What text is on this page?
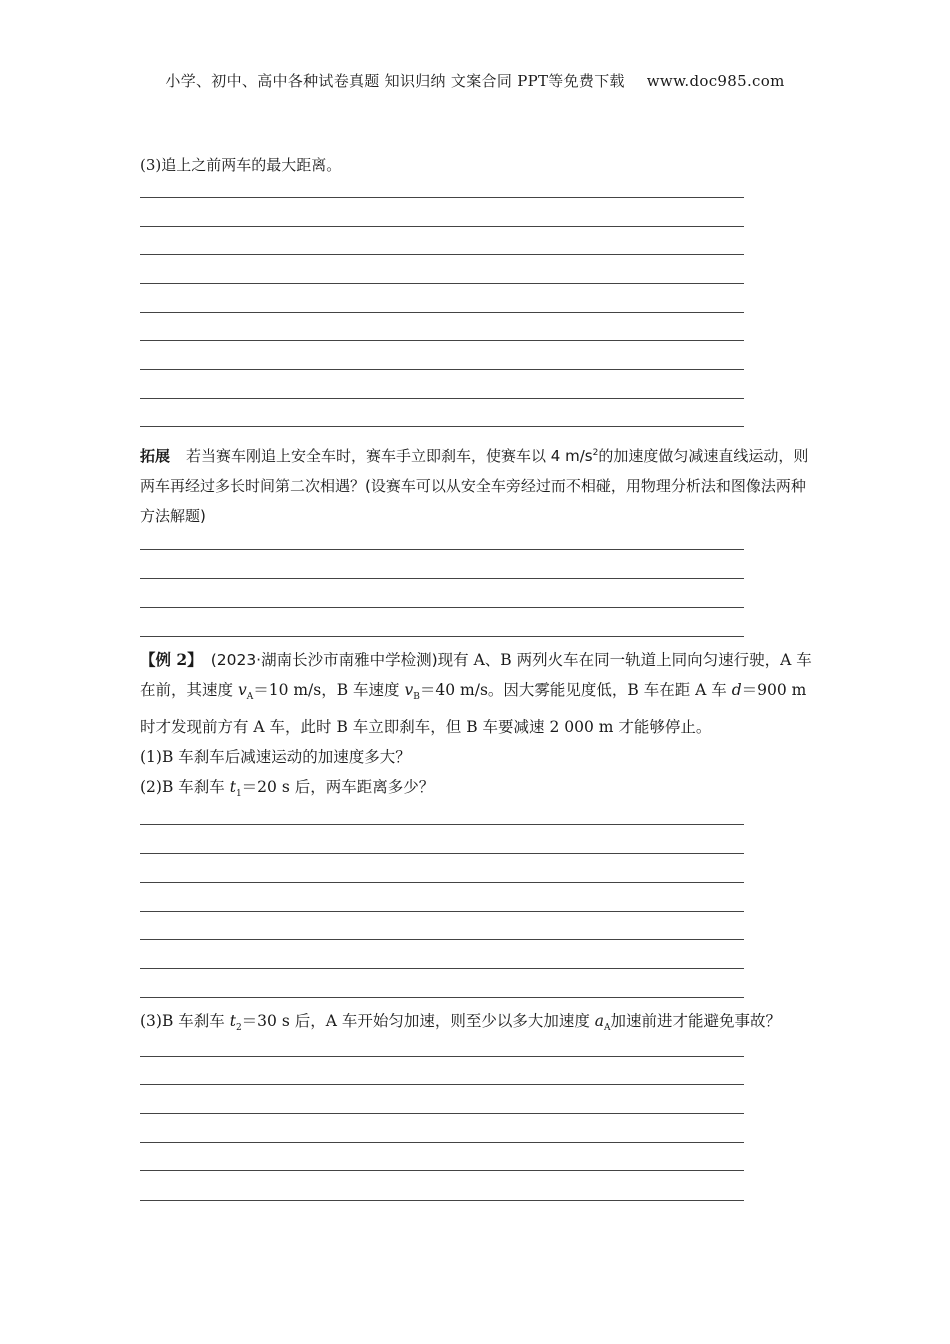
小学、初中、高中各种试卷真题 知识归纳 文案合同 PPT等免费下载 www.doc985.com
(3)追上之前两车的最大距离。
拓展 若当赛车刚追上安全车时，赛车手立即刹车，使赛车以 4 $m/s^2$的加速度做匀减速直线运动，则两车再经过多长时间第二次相遇？(设赛车可以从安全车旁经过而不相碰，用物理分析法和图像法两种方法解题)
【例 2】 (2023·湖南长沙市南雅中学检测)现有 A、B 两列火车在同一轨道上同向匀速行驶，A 车在前，其速度 $v_A=10$ m/s，B 车速度 $v_B=40$ m/s。因大雾能见度低，B 车在距 A 车 d＝900 m 时才发现前方有 A 车，此时 B 车立即刹车，但 B 车要减速 2 000 m 才能够停止。
(1)B 车刹车后减速运动的加速度多大？
(2)B 车刹车 $t_1=20$ s 后，两车距离多少？
(3)B 车刹车 $t_2=30$ s 后，A 车开始匀加速，则至少以多大加速度 $a_A$加速前进才能避免事故？
